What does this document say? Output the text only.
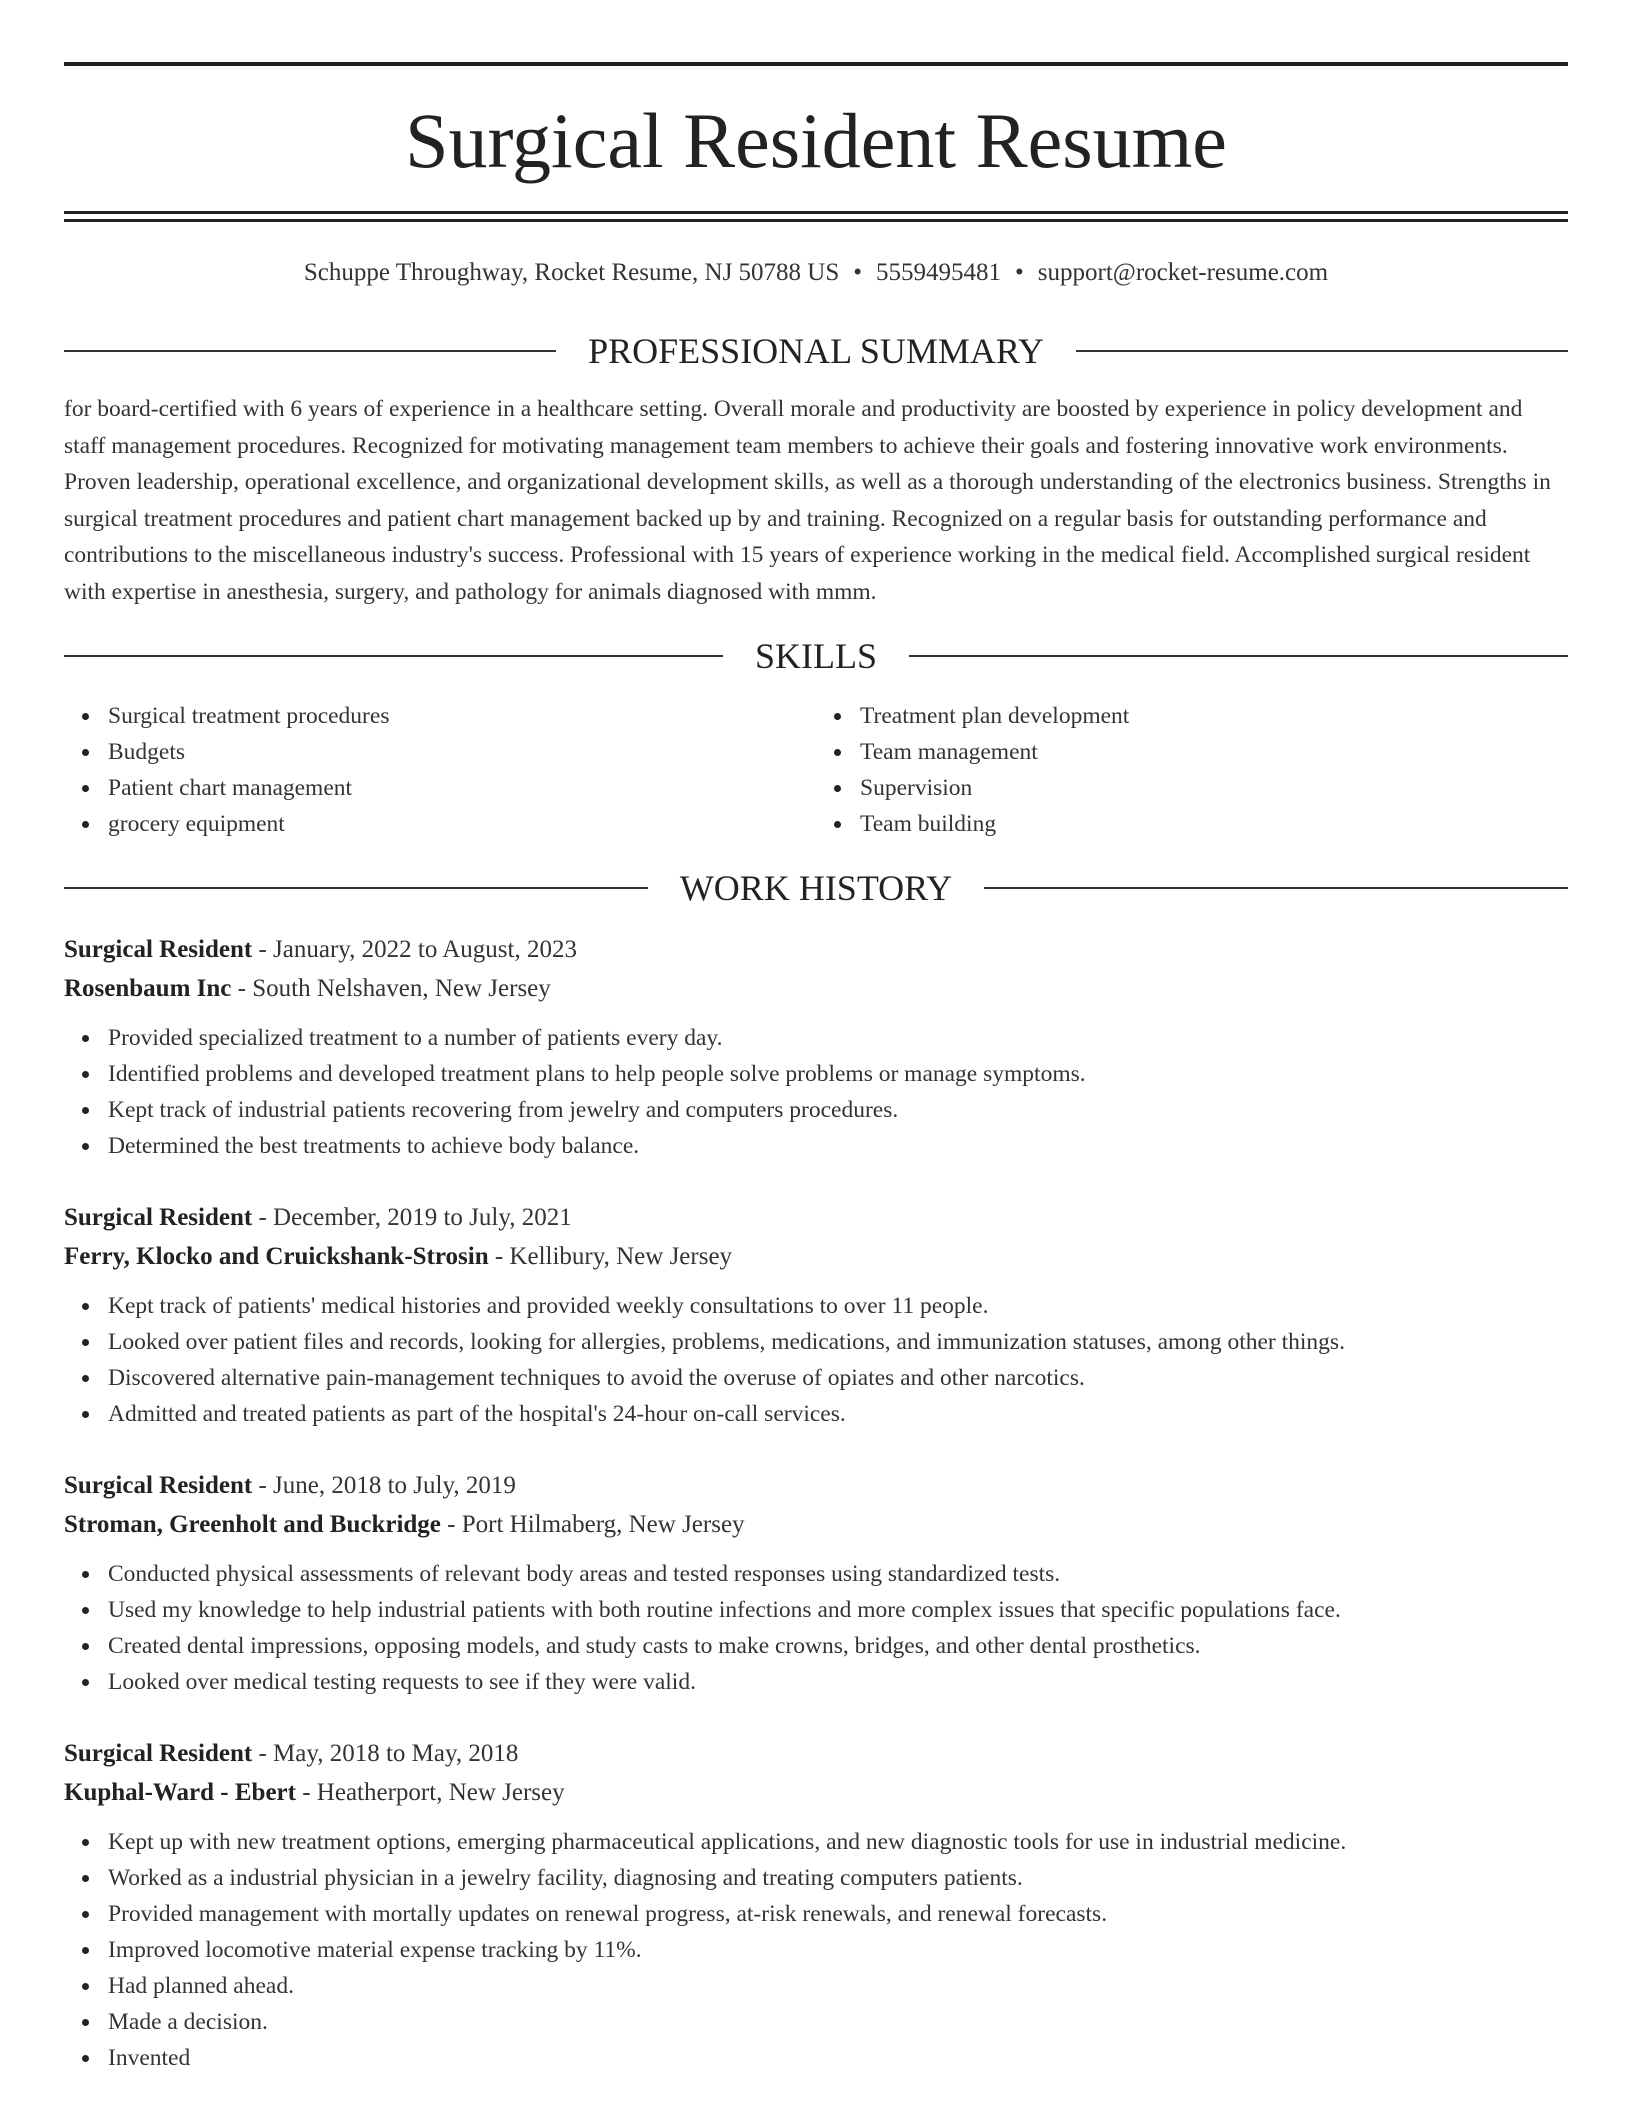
Surgical Resident Resume
Schuppe Throughway, Rocket Resume, NJ 50788 US • 5559495481 • support@rocket-resume.com
PROFESSIONAL SUMMARY

for board-certified with 6 years of experience in a healthcare setting. Overall morale and productivity are boosted by experience in policy development and staff management procedures. Recognized for motivating management team members to achieve their goals and fostering innovative work environments. Proven leadership, operational excellence, and organizational development skills, as well as a thorough understanding of the electronics business. Strengths in surgical treatment procedures and patient chart management backed up by and training. Recognized on a regular basis for outstanding performance and contributions to the miscellaneous industry's success. Professional with 15 years of experience working in the medical field. Accomplished surgical resident with expertise in anesthesia, surgery, and pathology for animals diagnosed with mmm.

SKILLS
Surgical treatment procedures
Budgets
Patient chart management
grocery equipment
Treatment plan development
Team management
Supervision
Team building
WORK HISTORY
Surgical Resident - January, 2022 to August, 2023
Rosenbaum Inc - South Nelshaven, New Jersey
Provided specialized treatment to a number of patients every day.
Identified problems and developed treatment plans to help people solve problems or manage symptoms.
Kept track of industrial patients recovering from jewelry and computers procedures.
Determined the best treatments to achieve body balance.
Surgical Resident - December, 2019 to July, 2021
Ferry, Klocko and Cruickshank-Strosin - Kellibury, New Jersey
Kept track of patients' medical histories and provided weekly consultations to over 11 people.
Looked over patient files and records, looking for allergies, problems, medications, and immunization statuses, among other things.
Discovered alternative pain-management techniques to avoid the overuse of opiates and other narcotics.
Admitted and treated patients as part of the hospital's 24-hour on-call services.
Surgical Resident - June, 2018 to July, 2019
Stroman, Greenholt and Buckridge - Port Hilmaberg, New Jersey
Conducted physical assessments of relevant body areas and tested responses using standardized tests.
Used my knowledge to help industrial patients with both routine infections and more complex issues that specific populations face.
Created dental impressions, opposing models, and study casts to make crowns, bridges, and other dental prosthetics.
Looked over medical testing requests to see if they were valid.
Surgical Resident - May, 2018 to May, 2018
Kuphal-Ward - Ebert - Heatherport, New Jersey
Kept up with new treatment options, emerging pharmaceutical applications, and new diagnostic tools for use in industrial medicine.
Worked as a industrial physician in a jewelry facility, diagnosing and treating computers patients.
Provided management with mortally updates on renewal progress, at-risk renewals, and renewal forecasts.
Improved locomotive material expense tracking by 11%.
Had planned ahead.
Made a decision.
Invented
